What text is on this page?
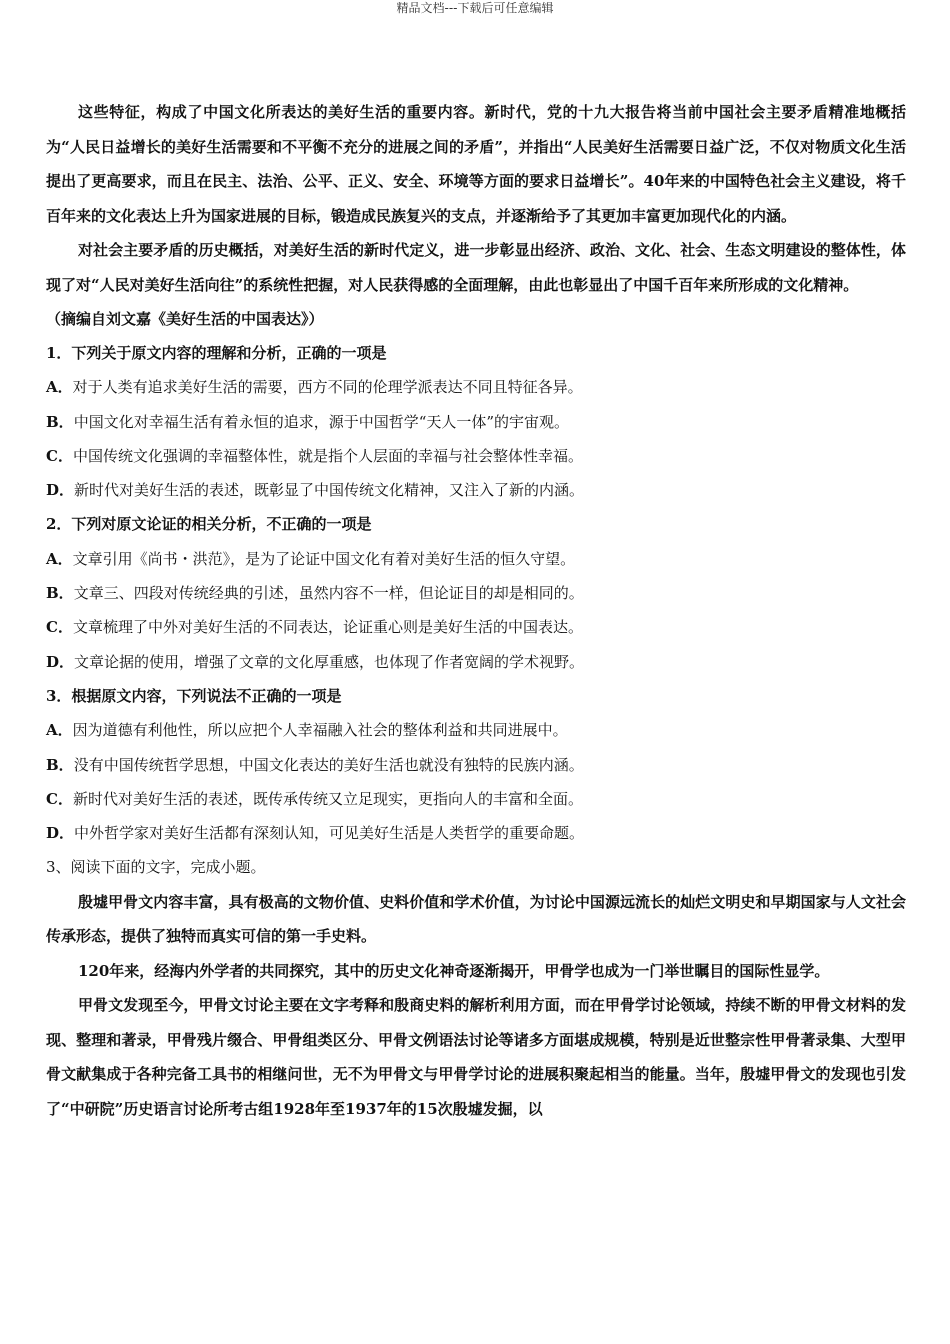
精品文档---下载后可任意编辑

这些特征，构成了中国文化所表达的美好生活的重要内容。新时代，党的十九大报告将当前中国社会主要矛盾精准地概括为“人民日益增长的美好生活需要和不平衡不充分的进展之间的矛盾”，并指出“人民美好生活需要日益广泛，不仅对物质文化生活提出了更高要求，而且在民主、法治、公平、正义、安全、环境等方面的要求日益增长”。40年来的中国特色社会主义建设，将千百年来的文化表达上升为国家进展的目标，锻造成民族复兴的支点，并逐渐给予了其更加丰富更加现代化的内涵。

对社会主要矛盾的历史概括，对美好生活的新时代定义，进一步彰显出经济、政治、文化、社会、生态文明建设的整体性，体现了对“人民对美好生活向往”的系统性把握，对人民获得感的全面理解，由此也彰显出了中国千百年来所形成的文化精神。

（摘编自刘文嘉《美好生活的中国表达》）

1．下列关于原文内容的理解和分析，正确的一项是

A．对于人类有追求美好生活的需要，西方不同的伦理学派表达不同且特征各异。

B．中国文化对幸福生活有着永恒的追求，源于中国哲学“天人一体”的宇宙观。

C．中国传统文化强调的幸福整体性，就是指个人层面的幸福与社会整体性幸福。

D．新时代对美好生活的表述，既彰显了中国传统文化精神，又注入了新的内涵。

2．下列对原文论证的相关分析，不正确的一项是

A．文章引用《尚书・洪范》，是为了论证中国文化有着对美好生活的恒久守望。

B．文章三、四段对传统经典的引述，虽然内容不一样，但论证目的却是相同的。

C．文章梳理了中外对美好生活的不同表达，论证重心则是美好生活的中国表达。

D．文章论据的使用，增强了文章的文化厚重感，也体现了作者宽阔的学术视野。

3．根据原文内容，下列说法不正确的一项是

A．因为道德有利他性，所以应把个人幸福融入社会的整体利益和共同进展中。

B．没有中国传统哲学思想，中国文化表达的美好生活也就没有独特的民族内涵。

C．新时代对美好生活的表述，既传承传统又立足现实，更指向人的丰富和全面。

D．中外哲学家对美好生活都有深刻认知，可见美好生活是人类哲学的重要命题。

3、阅读下面的文字，完成小题。

殷墟甲骨文内容丰富，具有极高的文物价值、史料价值和学术价值，为讨论中国源远流长的灿烂文明史和早期国家与人文社会传承形态，提供了独特而真实可信的第一手史料。

120年来，经海内外学者的共同探究，其中的历史文化神奇逐渐揭开，甲骨学也成为一门举世瞩目的国际性显学。

甲骨文发现至今，甲骨文讨论主要在文字考释和殷商史料的解析利用方面，而在甲骨学讨论领域，持续不断的甲骨文材料的发现、整理和著录，甲骨残片缀合、甲骨组类区分、甲骨文例语法讨论等诸多方面堪成规模，特别是近世整宗性甲骨著录集、大型甲骨文献集成于各种完备工具书的相继问世，无不为甲骨文与甲骨学讨论的进展积聚起相当的能量。当年，殷墟甲骨文的发现也引发了“中研院”历史语言讨论所考古组1928年至1937年的15次殷墟发掘，以
